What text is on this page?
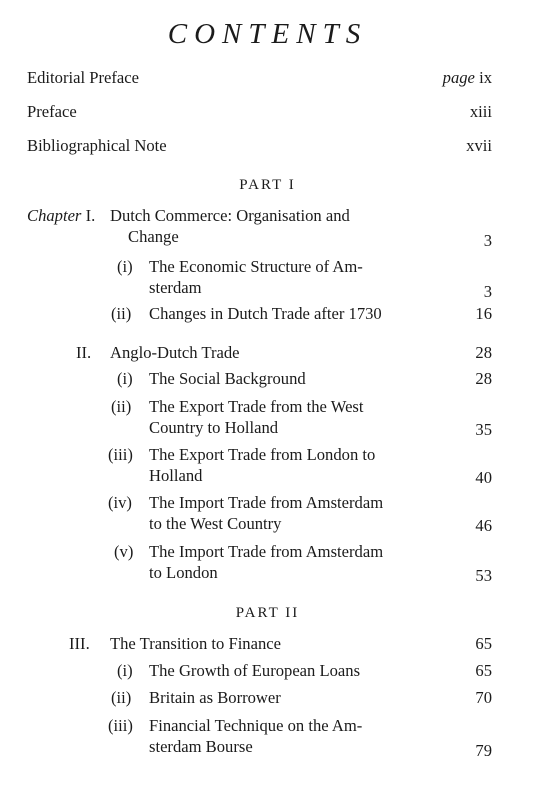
CONTENTS
Editorial Preface	page ix
Preface	xiii
Bibliographical Note	xvii
PART I
Chapter I. Dutch Commerce: Organisation and
Change	3
(i) The Economic Structure of Am-
sterdam	3
(ii) Changes in Dutch Trade after 1730	16
II. Anglo-Dutch Trade	28
(i) The Social Background	28
(ii) The Export Trade from the West
Country to Holland	35
(iii) The Export Trade from London to
Holland	40
(iv) The Import Trade from Amsterdam
to the West Country	46
(v) The Import Trade from Amsterdam
to London	53
PART II
III. The Transition to Finance	65
(i) The Growth of European Loans	65
(ii) Britain as Borrower	70
(iii) Financial Technique on the Am-
sterdam Bourse	79
